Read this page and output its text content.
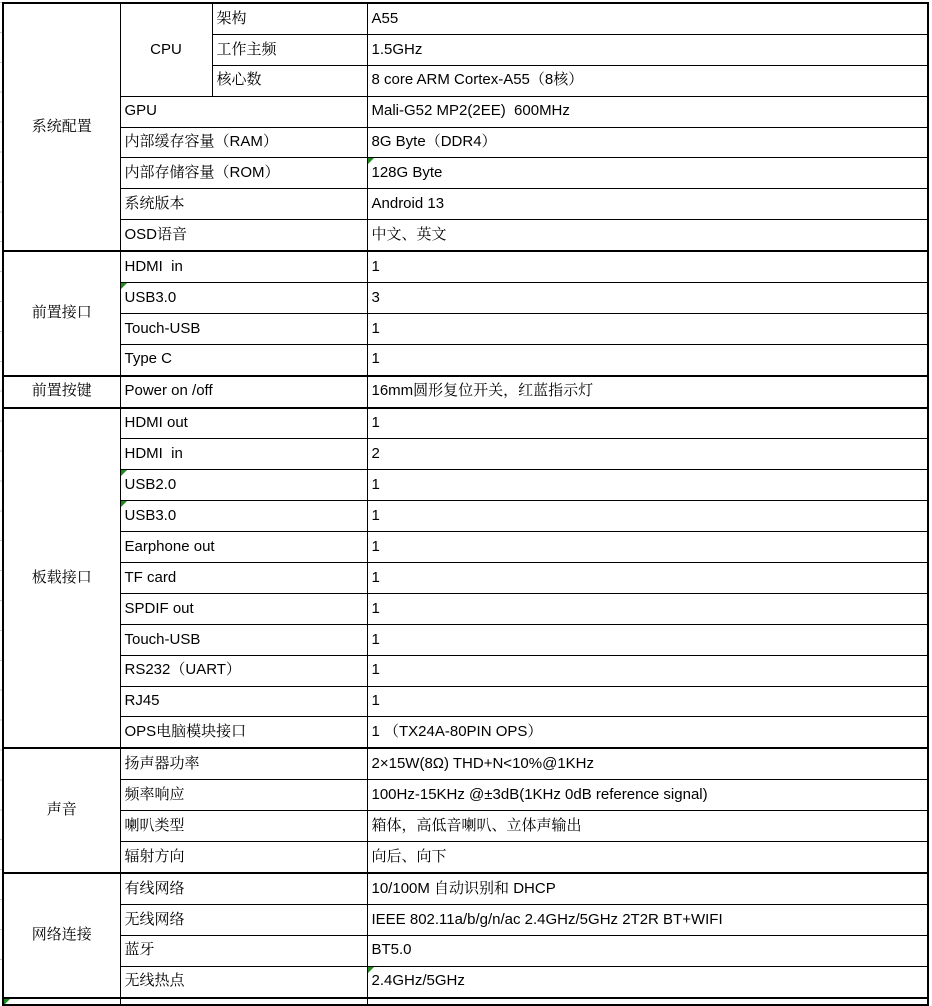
系统配置	CPU	架构	A55

		工作主频	1.5GHz

		核心数	8 core ARM Cortex-A55（8核）

	GPU		Mali-G52 MP2(2EE)  600MHz

	内部缓存容量（RAM）		8G Byte（DDR4）

	内部存储容量（ROM）		128G Byte

	系统版本		Android 13

	OSD语音		中文、英文

前置接口	HDMI  in		1

	USB3.0		3

	Touch-USB		1

	Type C		1

前置按键	Power on /off		16mm圆形复位开关，红蓝指示灯

板载接口	HDMI out		1

	HDMI  in		2

	USB2.0		1

	USB3.0		1

	Earphone out		1

	TF card		1

	SPDIF out		1

	Touch-USB		1

	RS232（UART）		1

	RJ45		1

	OPS电脑模块接口		1 （TX24A-80PIN OPS）

声音	扬声器功率		2×15W(8Ω) THD+N<10%@1KHz

	频率响应		100Hz-15KHz @±3dB(1KHz 0dB reference signal)

	喇叭类型		箱体，高低音喇叭、立体声输出

	辐射方向		向后、向下

网络连接	有线网络		10/100M 自动识别和 DHCP

	无线网络		IEEE 802.11a/b/g/n/ac 2.4GHz/5GHz 2T2R BT+WIFI

	蓝牙		BT5.0

	无线热点		2.4GHz/5GHz
